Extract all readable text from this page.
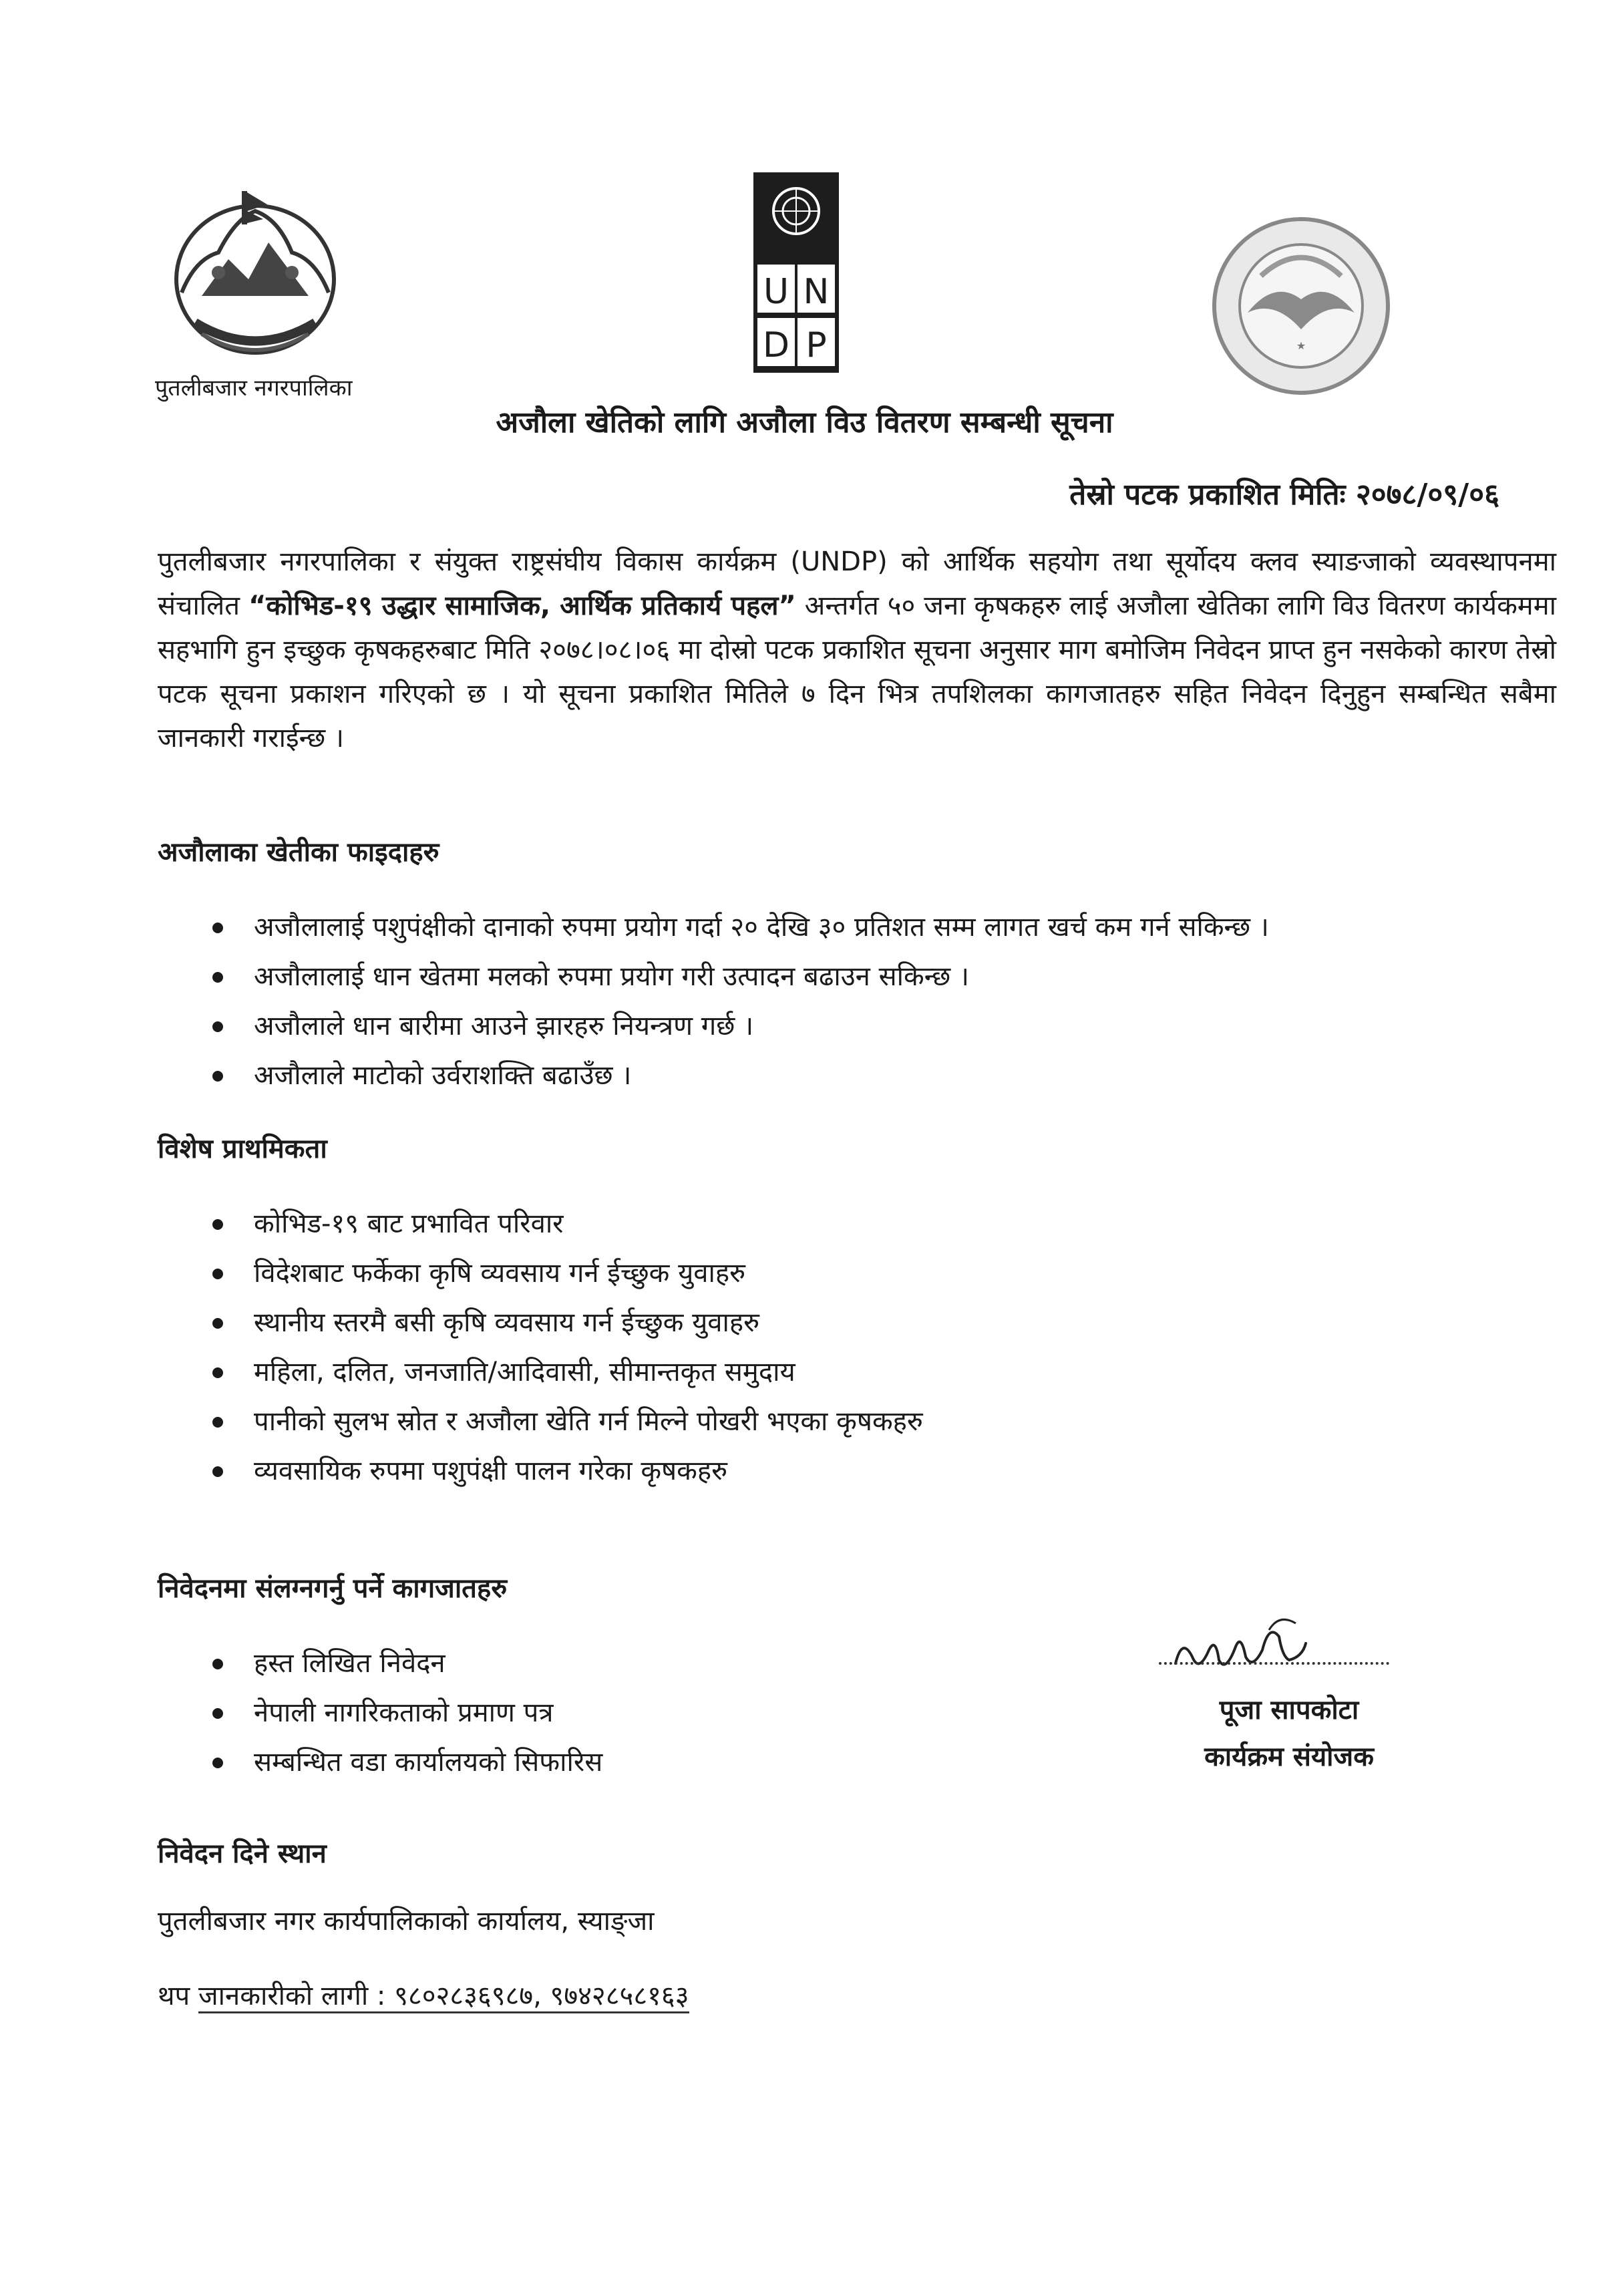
पुतलीबजार नगरपालिका
U N
D P	★
अजौला खेतिको लागि अजौला विउ वितरण सम्बन्धी सूचना
तेस्रो पटक प्रकाशित मितिः २०७८/०९/०६
पुतलीबजार नगरपालिका र संयुक्त राष्ट्रसंघीय विकास कार्यक्रम (UNDP) को आर्थिक सहयोग तथा सूर्योदय क्लव स्याङजाको व्यवस्थापनमा संचालित “कोभिड-१९ उद्धार सामाजिक, आर्थिक प्रतिकार्य पहल” अन्तर्गत ५० जना कृषकहरु लाई अजौला खेतिका लागि विउ वितरण कार्यकममा सहभागि हुन इच्छुक कृषकहरुबाट मिति २०७८।०८।०६ मा दोस्रो पटक प्रकाशित सूचना अनुसार माग बमोजिम निवेदन प्राप्त हुन नसकेको कारण तेस्रो पटक सूचना प्रकाशन गरिएको छ । यो सूचना प्रकाशित मितिले ७ दिन भित्र तपशिलका कागजातहरु सहित निवेदन दिनुहुन सम्बन्धित सबैमा जानकारी गराईन्छ ।
अजौलाका खेतीका फाइदाहरु
अजौलालाई पशुपंक्षीको दानाको रुपमा प्रयोग गर्दा २० देखि ३० प्रतिशत सम्म लागत खर्च कम गर्न सकिन्छ ।
अजौलालाई धान खेतमा मलको रुपमा प्रयोग गरी उत्पादन बढाउन सकिन्छ ।
अजौलाले धान बारीमा आउने झारहरु नियन्त्रण गर्छ ।
अजौलाले माटोको उर्वराशक्ति बढाउँछ ।
विशेष प्राथमिकता
कोभिड-१९ बाट प्रभावित परिवार
विदेशबाट फर्केका कृषि व्यवसाय गर्न ईच्छुक युवाहरु
स्थानीय स्तरमै बसी कृषि व्यवसाय गर्न ईच्छुक युवाहरु
महिला, दलित, जनजाति/आदिवासी, सीमान्तकृत समुदाय
पानीको सुलभ स्रोत र अजौला खेति गर्न मिल्ने पोखरी भएका कृषकहरु
व्यवसायिक रुपमा पशुपंक्षी पालन गरेका कृषकहरु
निवेदनमा संलग्नगर्नु पर्ने कागजातहरु
हस्त लिखित निवेदन
नेपाली नागरिकताको प्रमाण पत्र
सम्बन्धित वडा कार्यालयको सिफारिस
पूजा सापकोटा
कार्यक्रम संयोजक
निवेदन दिने स्थान
पुतलीबजार नगर कार्यपालिकाको कार्यालय, स्याङ्जा
थप जानकारीको लागी : ९८०२८३६९८७, ९७४२८५८१६३
